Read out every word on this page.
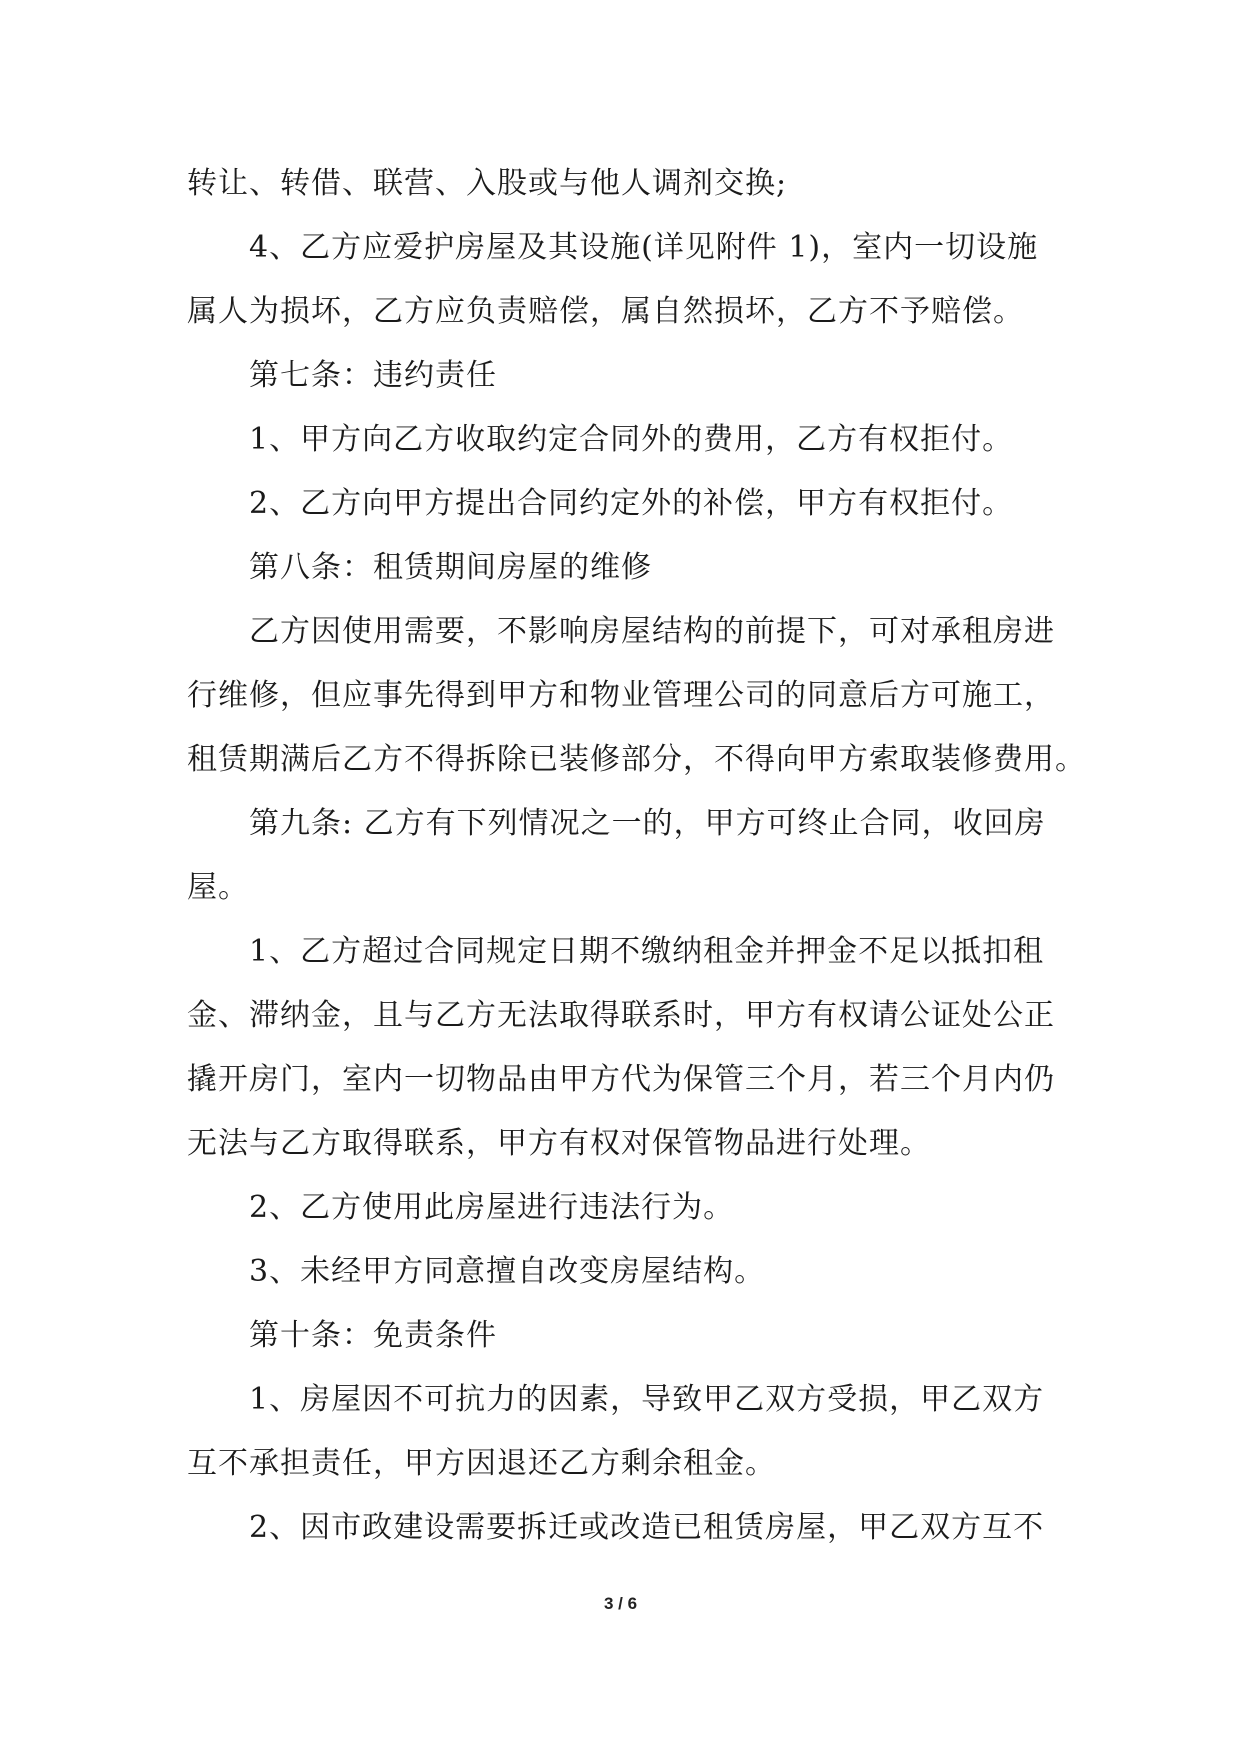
转让、转借、联营、入股或与他人调剂交换;
4、乙方应爱护房屋及其设施(详见附件 1)，室内一切设施
属人为损坏，乙方应负责赔偿，属自然损坏，乙方不予赔偿。
第七条：违约责任
1、甲方向乙方收取约定合同外的费用，乙方有权拒付。
2、乙方向甲方提出合同约定外的补偿，甲方有权拒付。
第八条：租赁期间房屋的维修
乙方因使用需要，不影响房屋结构的前提下，可对承租房进
行维修，但应事先得到甲方和物业管理公司的同意后方可施工，
租赁期满后乙方不得拆除已装修部分，不得向甲方索取装修费用。
第九条: 乙方有下列情况之一的，甲方可终止合同，收回房
屋。
1、乙方超过合同规定日期不缴纳租金并押金不足以抵扣租
金、滞纳金，且与乙方无法取得联系时，甲方有权请公证处公正
撬开房门，室内一切物品由甲方代为保管三个月，若三个月内仍
无法与乙方取得联系，甲方有权对保管物品进行处理。
2、乙方使用此房屋进行违法行为。
3、未经甲方同意擅自改变房屋结构。
第十条：免责条件
1、房屋因不可抗力的因素，导致甲乙双方受损，甲乙双方
互不承担责任，甲方因退还乙方剩余租金。
2、因市政建设需要拆迁或改造已租赁房屋，甲乙双方互不
3 / 6
